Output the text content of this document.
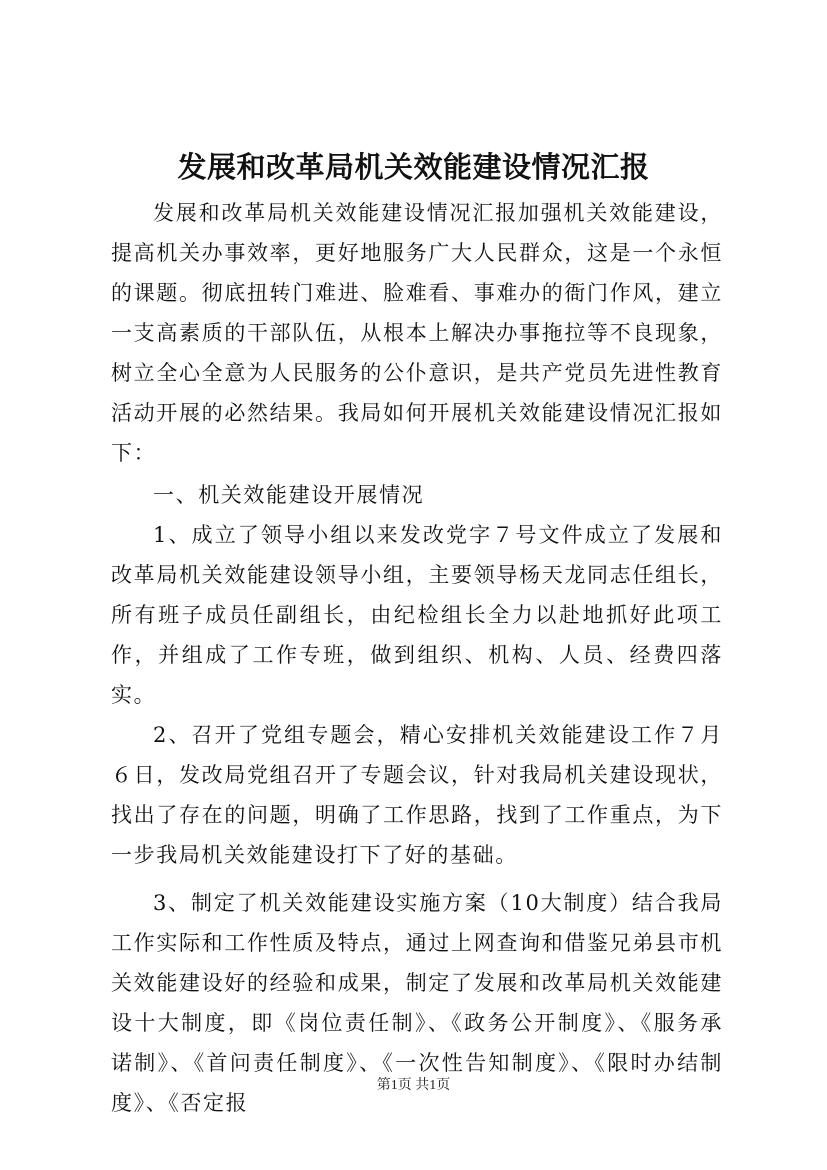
发展和改革局机关效能建设情况汇报

发展和改革局机关效能建设情况汇报加强机关效能建设，提高机关办事效率，更好地服务广大人民群众，这是一个永恒的课题。彻底扭转门难进、脸难看、事难办的衙门作风，建立一支高素质的干部队伍，从根本上解决办事拖拉等不良现象，树立全心全意为人民服务的公仆意识，是共产党员先进性教育活动开展的必然结果。我局如何开展机关效能建设情况汇报如下：

一、机关效能建设开展情况

1、成立了领导小组以来发改党字７号文件成立了发展和改革局机关效能建设领导小组，主要领导杨天龙同志任组长，所有班子成员任副组长，由纪检组长全力以赴地抓好此项工作，并组成了工作专班，做到组织、机构、人员、经费四落实。

2、召开了党组专题会，精心安排机关效能建设工作７月６日，发改局党组召开了专题会议，针对我局机关建设现状，找出了存在的问题，明确了工作思路，找到了工作重点，为下一步我局机关效能建设打下了好的基础。

3、制定了机关效能建设实施方案（10大制度）结合我局工作实际和工作性质及特点，通过上网查询和借鉴兄弟县市机关效能建设好的经验和成果，制定了发展和改革局机关效能建设十大制度，即《岗位责任制》、《政务公开制度》、《服务承诺制》、《首问责任制度》、《一次性告知制度》、《限时办结制度》、《否定报

第1页 共1页
